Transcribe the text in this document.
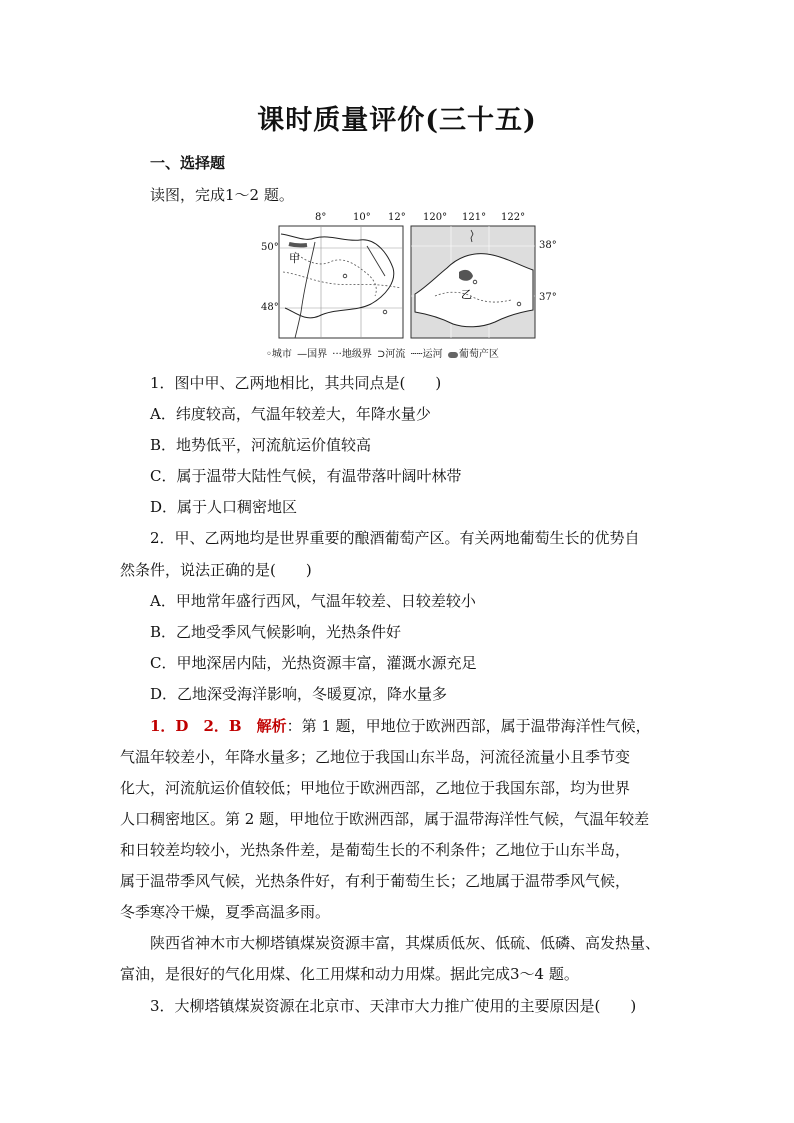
课时质量评价(三十五)
一、选择题
读图，完成1～2 题。
甲
乙
8°	10° 12°
50°
48°
120° 121° 122°
38°
37°
◦城市 —国界 ···地级界 ⊃河流 ┄┄运河 葡萄产区
1．图中甲、乙两地相比，其共同点是(　　)
A．纬度较高，气温年较差大，年降水量少
B．地势低平，河流航运价值较高
C．属于温带大陆性气候，有温带落叶阔叶林带
D．属于人口稠密地区
2．甲、乙两地均是世界重要的酿酒葡萄产区。有关两地葡萄生长的优势自
然条件，说法正确的是(　　)
A．甲地常年盛行西风，气温年较差、日较差较小
B．乙地受季风气候影响，光热条件好
C．甲地深居内陆，光热资源丰富，灌溉水源充足
D．乙地深受海洋影响，冬暖夏凉，降水量多
1．D　2．B　 解析：第 1 题，甲地位于欧洲西部，属于温带海洋性气候，
气温年较差小，年降水量多；乙地位于我国山东半岛，河流径流量小且季节变
化大，河流航运价值较低；甲地位于欧洲西部，乙地位于我国东部，均为世界
人口稠密地区。第 2 题，甲地位于欧洲西部，属于温带海洋性气候，气温年较差
和日较差均较小，光热条件差，是葡萄生长的不利条件；乙地位于山东半岛，
属于温带季风气候，光热条件好，有利于葡萄生长；乙地属于温带季风气候，
冬季寒冷干燥，夏季高温多雨。
陕西省神木市大柳塔镇煤炭资源丰富，其煤质低灰、低硫、低磷、高发热量、
富油，是很好的气化用煤、化工用煤和动力用煤。据此完成3～4 题。
3．大柳塔镇煤炭资源在北京市、天津市大力推广使用的主要原因是(　　)
